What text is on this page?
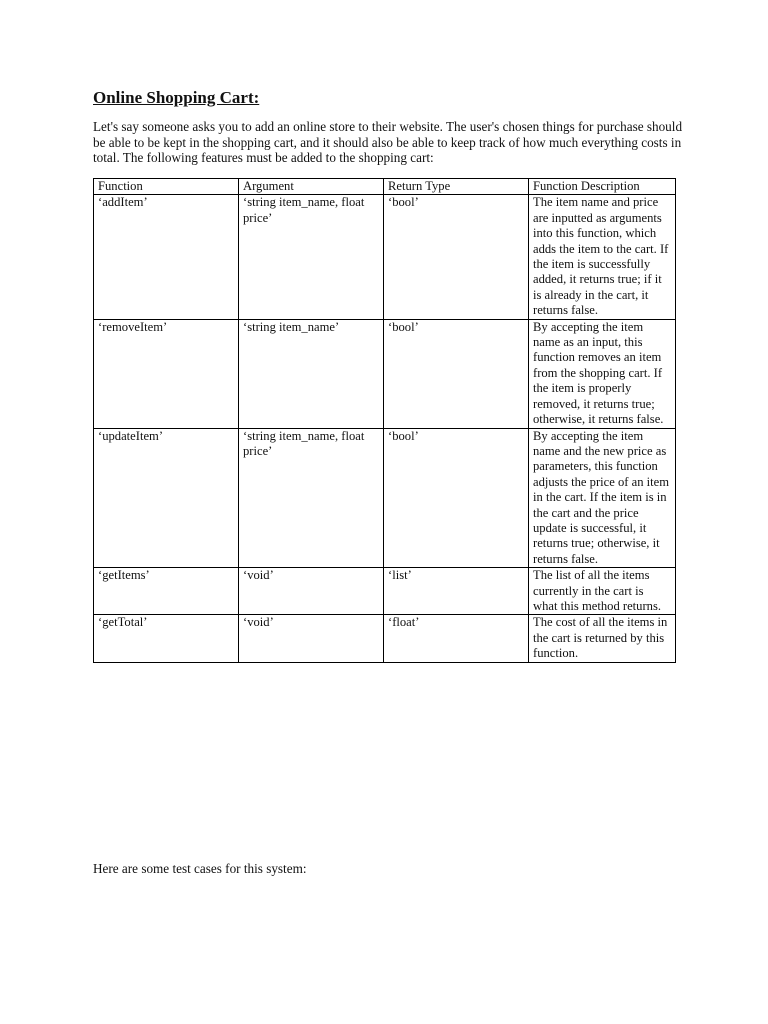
Online Shopping Cart:

Let's say someone asks you to add an online store to their website. The user's chosen things for purchase should be able to be kept in the shopping cart, and it should also be able to keep track of how much everything costs in total. The following features must be added to the shopping cart:

Function	Argument	Return Type	Function Description
‘addItem’	‘string item_name, float price’	‘bool’	The item name and price are inputted as arguments into this function, which adds the item to the cart. If the item is successfully added, it returns true; if it is already in the cart, it returns false.
‘removeItem’	‘string item_name’	‘bool’	By accepting the item name as an input, this function removes an item from the shopping cart. If the item is properly removed, it returns true; otherwise, it returns false.
‘updateItem’	‘string item_name, float price’	‘bool’	By accepting the item name and the new price as parameters, this function adjusts the price of an item in the cart. If the item is in the cart and the price update is successful, it returns true; otherwise, it returns false.
‘getItems’	‘void’	‘list’	The list of all the items currently in the cart is what this method returns.
‘getTotal’	‘void’	‘float’	The cost of all the items in the cart is returned by this function.

Here are some test cases for this system:
